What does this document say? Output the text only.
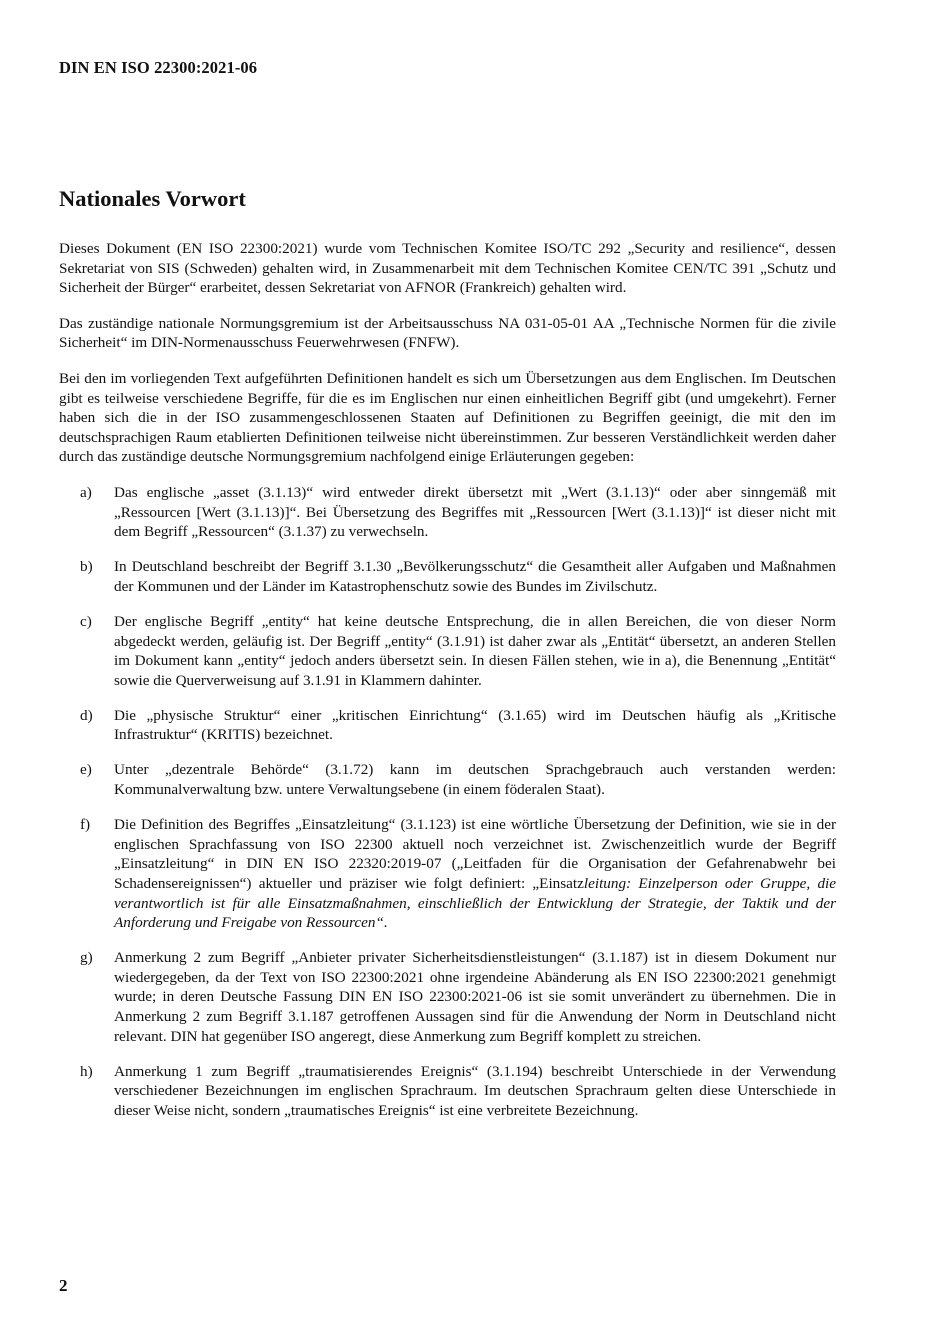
DIN EN ISO 22300:2021-06
Nationales Vorwort

Dieses Dokument (EN ISO 22300:2021) wurde vom Technischen Komitee ISO/TC 292 „Security and resilience“, dessen Sekretariat von SIS (Schweden) gehalten wird, in Zusammenarbeit mit dem Technischen Komitee CEN/TC 391 „Schutz und Sicherheit der Bürger“ erarbeitet, dessen Sekretariat von AFNOR (Frankreich) gehalten wird.

Das zuständige nationale Normungsgremium ist der Arbeitsausschuss NA 031-05-01 AA „Technische Normen für die zivile Sicherheit“ im DIN-Normenausschuss Feuerwehrwesen (FNFW).

Bei den im vorliegenden Text aufgeführten Definitionen handelt es sich um Übersetzungen aus dem Englischen. Im Deutschen gibt es teilweise verschiedene Begriffe, für die es im Englischen nur einen einheitlichen Begriff gibt (und umgekehrt). Ferner haben sich die in der ISO zusammengeschlossenen Staaten auf Definitionen zu Begriffen geeinigt, die mit den im deutschsprachigen Raum etablierten Definitionen teilweise nicht übereinstimmen. Zur besseren Verständlichkeit werden daher durch das zuständige deutsche Normungsgremium nachfolgend einige Erläuterungen gegeben:

a) Das englische „asset (3.1.13)“ wird entweder direkt übersetzt mit „Wert (3.1.13)“ oder aber sinngemäß mit „Ressourcen [Wert (3.1.13)]“. Bei Übersetzung des Begriffes mit „Ressourcen [Wert (3.1.13)]“ ist dieser nicht mit dem Begriff „Ressourcen“ (3.1.37) zu verwechseln.
b) In Deutschland beschreibt der Begriff 3.1.30 „Bevölkerungsschutz“ die Gesamtheit aller Aufgaben und Maßnahmen der Kommunen und der Länder im Katastrophenschutz sowie des Bundes im Zivilschutz.
c) Der englische Begriff „entity“ hat keine deutsche Entsprechung, die in allen Bereichen, die von dieser Norm abgedeckt werden, geläufig ist. Der Begriff „entity“ (3.1.91) ist daher zwar als „Entität“ übersetzt, an anderen Stellen im Dokument kann „entity“ jedoch anders übersetzt sein. In diesen Fällen stehen, wie in a), die Benennung „Entität“ sowie die Querverweisung auf 3.1.91 in Klammern dahinter.
d) Die „physische Struktur“ einer „kritischen Einrichtung“ (3.1.65) wird im Deutschen häufig als „Kritische Infrastruktur“ (KRITIS) bezeichnet.
e) Unter „dezentrale Behörde“ (3.1.72) kann im deutschen Sprachgebrauch auch verstanden werden: Kommunalverwaltung bzw. untere Verwaltungsebene (in einem föderalen Staat).
f) Die Definition des Begriffes „Einsatzleitung“ (3.1.123) ist eine wörtliche Übersetzung der Definition, wie sie in der englischen Sprachfassung von ISO 22300 aktuell noch verzeichnet ist. Zwischenzeitlich wurde der Begriff „Einsatzleitung“ in DIN EN ISO 22320:2019-07 („Leitfaden für die Organisation der Gefahrenabwehr bei Schadensereignissen“) aktueller und präziser wie folgt definiert: „Einsatzleitung: Einzelperson oder Gruppe, die verantwortlich ist für alle Einsatzmaßnahmen, einschließlich der Entwicklung der Strategie, der Taktik und der Anforderung und Freigabe von Ressourcen“.
g) Anmerkung 2 zum Begriff „Anbieter privater Sicherheitsdienstleistungen“ (3.1.187) ist in diesem Dokument nur wiedergegeben, da der Text von ISO 22300:2021 ohne irgendeine Abänderung als EN ISO 22300:2021 genehmigt wurde; in deren Deutsche Fassung DIN EN ISO 22300:2021-06 ist sie somit unverändert zu übernehmen. Die in Anmerkung 2 zum Begriff 3.1.187 getroffenen Aussagen sind für die Anwendung der Norm in Deutschland nicht relevant. DIN hat gegenüber ISO angeregt, diese Anmerkung zum Begriff komplett zu streichen.
h) Anmerkung 1 zum Begriff „traumatisierendes Ereignis“ (3.1.194) beschreibt Unterschiede in der Verwendung verschiedener Bezeichnungen im englischen Sprachraum. Im deutschen Sprachraum gelten diese Unterschiede in dieser Weise nicht, sondern „traumatisches Ereignis“ ist eine verbreitete Bezeichnung.
2
